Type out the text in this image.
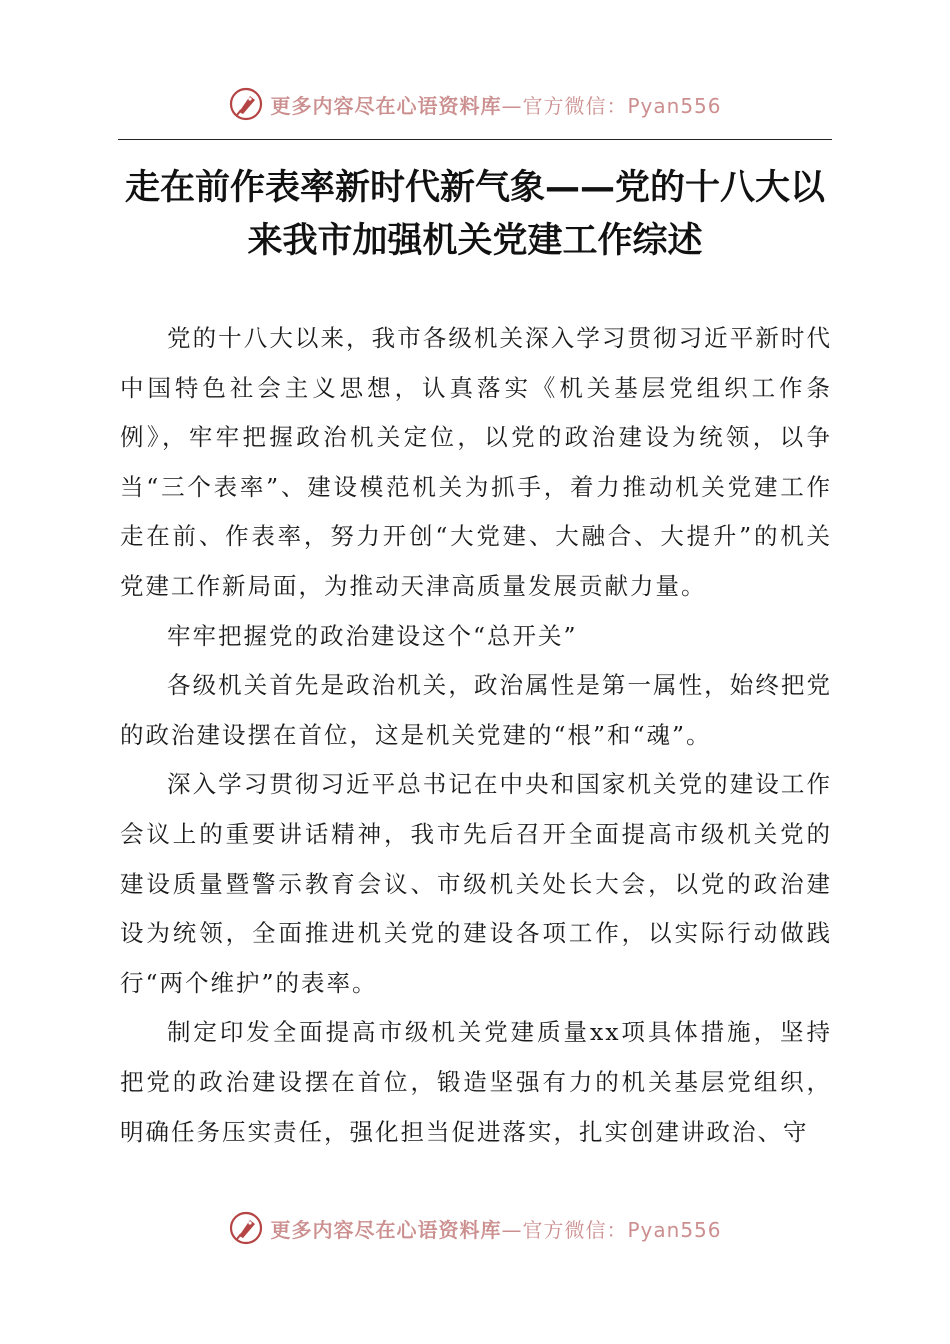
更多内容尽在心语资料库—官方微信：Pyan556
走在前作表率新时代新气象——党的十八大以
来我市加强机关党建工作综述

党的十八大以来，我市各级机关深入学习贯彻习近平新时代中国特色社会主义思想，认真落实《机关基层党组织工作条例》，牢牢把握政治机关定位，以党的政治建设为统领，以争当“三个表率”、建设模范机关为抓手，着力推动机关党建工作走在前、作表率，努力开创“大党建、大融合、大提升”的机关党建工作新局面，为推动天津高质量发展贡献力量。

牢牢把握党的政治建设这个“总开关”

各级机关首先是政治机关，政治属性是第一属性，始终把党的政治建设摆在首位，这是机关党建的“根”和“魂”。

深入学习贯彻习近平总书记在中央和国家机关党的建设工作会议上的重要讲话精神，我市先后召开全面提高市级机关党的建设质量暨警示教育会议、市级机关处长大会，以党的政治建设为统领，全面推进机关党的建设各项工作，以实际行动做践行“两个维护”的表率。

制定印发全面提高市级机关党建质量xx项具体措施，坚持把党的政治建设摆在首位，锻造坚强有力的机关基层党组织，明确任务压实责任，强化担当促进落实，扎实创建讲政治、守

更多内容尽在心语资料库—官方微信：Pyan556
